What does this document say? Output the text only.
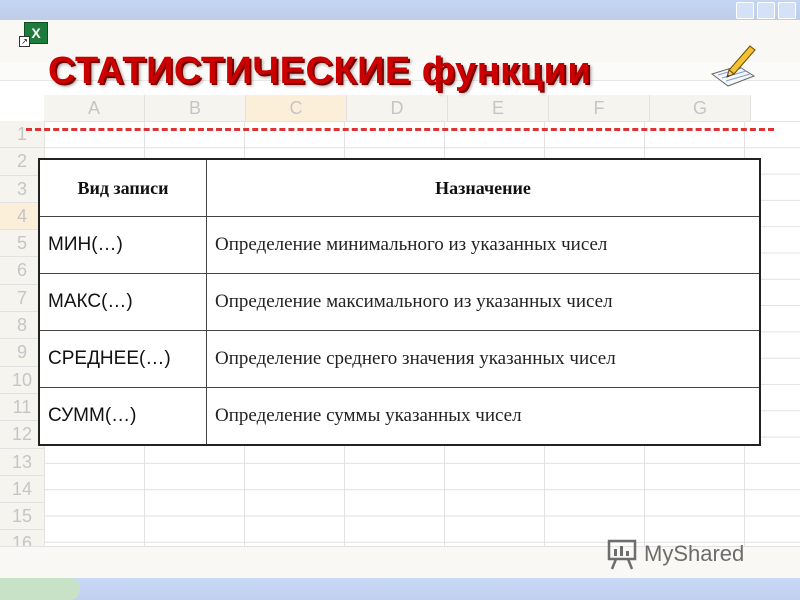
A	B	C	D	E	F	G
1
2
3
4
5
6
7
8
9
10
11
12
13
14
15
16
X
↗
СТАТИСТИЧЕСКИЕ функции
Вид записи	Назначение
МИН(…)	Определение минимального из указанных чисел
МАКС(…)	Определение максимального из указанных чисел
СРЕДНЕЕ(…)	Определение среднего значения указанных чисел
СУММ(…)	Определение суммы указанных чисел
MyShared
